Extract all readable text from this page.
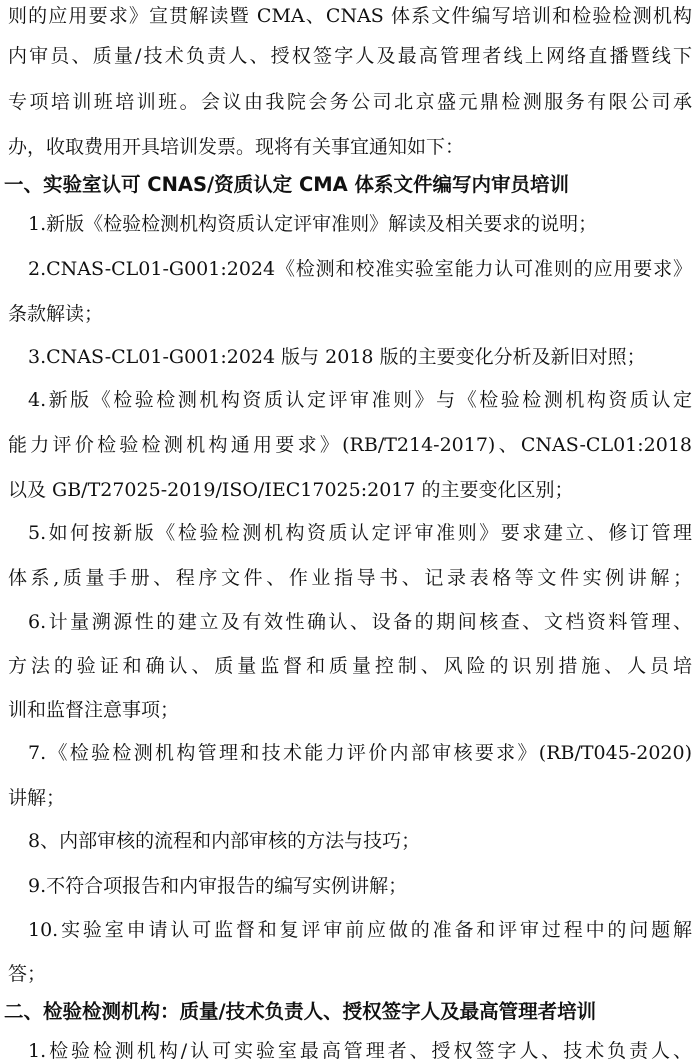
则的应用要求》宣贯解读暨 CMA、CNAS 体系文件编写培训和检验检测机构
内审员、质量/技术负责人、授权签字人及最高管理者线上网络直播暨线下
专项培训班培训班。会议由我院会务公司北京盛元鼎检测服务有限公司承
办，收取费用开具培训发票。现将有关事宜通知如下：
一、实验室认可 CNAS/资质认定 CMA 体系文件编写内审员培训
1.新版《检验检测机构资质认定评审准则》解读及相关要求的说明；
2.CNAS-CL01-G001:2024《检测和校准实验室能力认可准则的应用要求》
条款解读；
3.CNAS-CL01-G001:2024 版与 2018 版的主要变化分析及新旧对照；
4.新版《检验检测机构资质认定评审准则》与《检验检测机构资质认定
能力评价检验检测机构通用要求》(RB/T214-2017)、CNAS-CL01:2018
以及 GB/T27025-2019/ISO/IEC17025:2017 的主要变化区别；
5.如何按新版《检验检测机构资质认定评审准则》要求建立、修订管理
体系,质量手册、程序文件、作业指导书、记录表格等文件实例讲解；
6.计量溯源性的建立及有效性确认、设备的期间核查、文档资料管理、
方法的验证和确认、质量监督和质量控制、风险的识别措施、人员培
训和监督注意事项；
7.《检验检测机构管理和技术能力评价内部审核要求》(RB/T045-2020)
讲解；
8、内部审核的流程和内部审核的方法与技巧；
9.不符合项报告和内审报告的编写实例讲解；
10.实验室申请认可监督和复评审前应做的准备和评审过程中的问题解
答；
二、检验检测机构：质量/技术负责人、授权签字人及最高管理者培训
1.检验检测机构/认可实验室最高管理者、授权签字人、技术负责人、
